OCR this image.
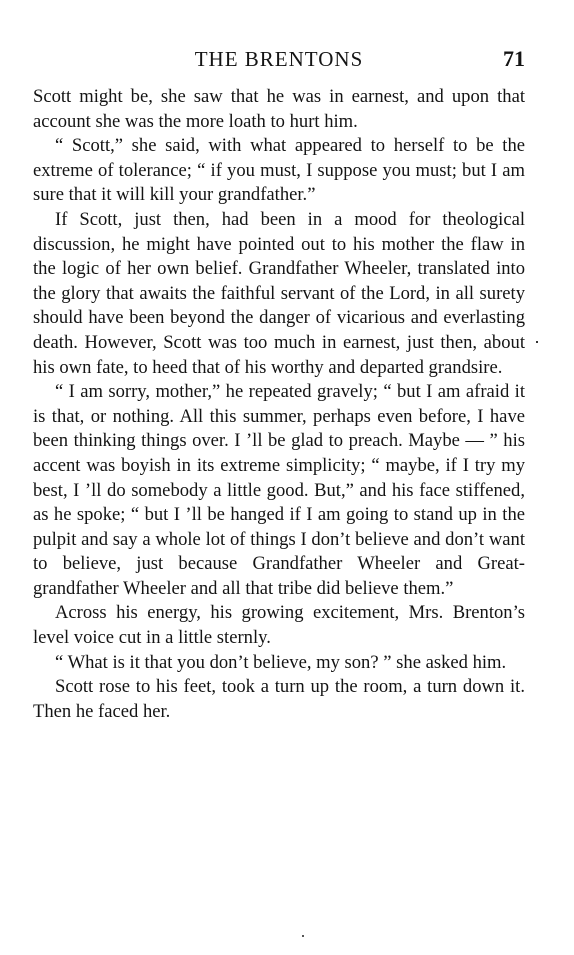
THE BRENTONS	71

Scott might be, she saw that he was in earnest, and upon that account she was the more loath to hurt him.

“ Scott,” she said, with what appeared to herself to be the extreme of tolerance; “ if you must, I suppose you must; but I am sure that it will kill your grandfather.”

If Scott, just then, had been in a mood for theological discussion, he might have pointed out to his mother the flaw in the logic of her own belief. Grandfather Wheeler, translated into the glory that awaits the faithful servant of the Lord, in all surety should have been beyond the danger of vicarious and everlasting death. However, Scott was too much in earnest, just then, about his own fate, to heed that of his worthy and departed grandsire.

“ I am sorry, mother,” he repeated gravely; “ but I am afraid it is that, or nothing. All this summer, perhaps even before, I have been thinking things over. I ’ll be glad to preach. Maybe — ” his accent was boyish in its extreme simplicity; “ maybe, if I try my best, I ’ll do somebody a little good. But,” and his face stiffened, as he spoke; “ but I ’ll be hanged if I am going to stand up in the pulpit and say a whole lot of things I don’t believe and don’t want to believe, just because Grandfather Wheeler and Great-grandfather Wheeler and all that tribe did believe them.”

Across his energy, his growing excitement, Mrs. Brenton’s level voice cut in a little sternly.

“ What is it that you don’t believe, my son? ” she asked him.

Scott rose to his feet, took a turn up the room, a turn down it. Then he faced her.
